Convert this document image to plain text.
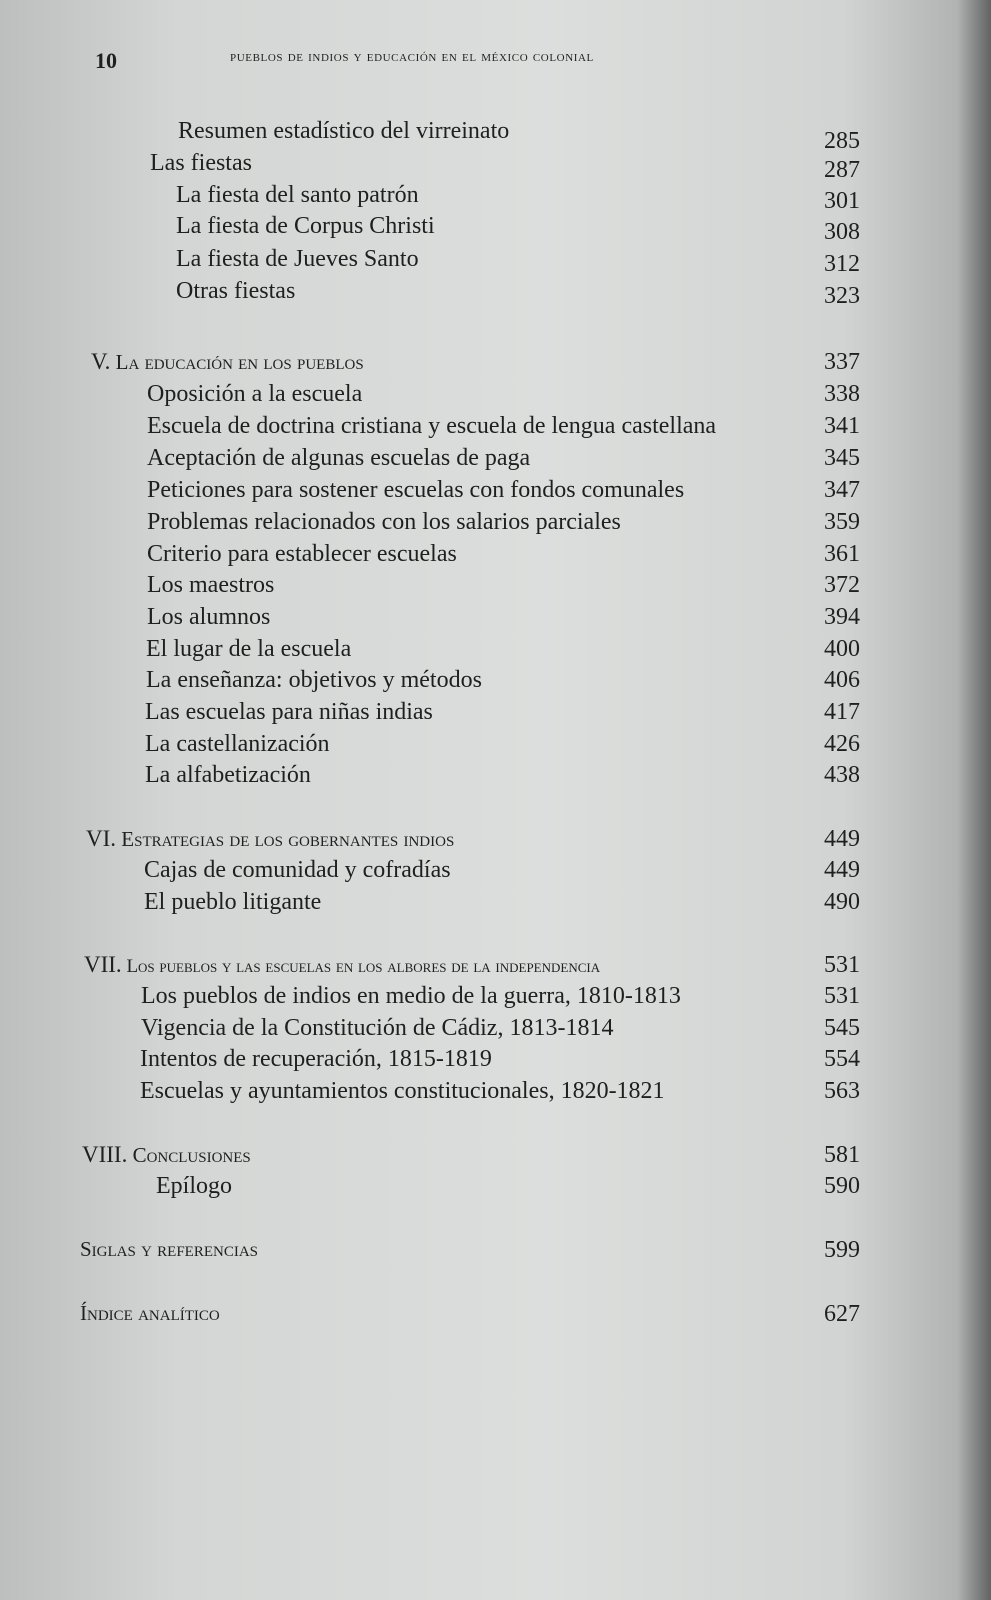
10	pueblos de indios y educación en el méxico colonial
Resumen estadístico del virreinato	285
Las fiestas	287
La fiesta del santo patrón	301
La fiesta de Corpus Christi	308
La fiesta de Jueves Santo	312
Otras fiestas	323
V. La educación en los pueblos	337
Oposición a la escuela	338
Escuela de doctrina cristiana y escuela de lengua castellana	341
Aceptación de algunas escuelas de paga	345
Peticiones para sostener escuelas con fondos comunales	347
Problemas relacionados con los salarios parciales	359
Criterio para establecer escuelas	361
Los maestros	372
Los alumnos	394
El lugar de la escuela	400
La enseñanza: objetivos y métodos	406
Las escuelas para niñas indias	417
La castellanización	426
La alfabetización	438
VI. Estrategias de los gobernantes indios	449
Cajas de comunidad y cofradías	449
El pueblo litigante	490
VII. Los pueblos y las escuelas en los albores de la independencia	531
Los pueblos de indios en medio de la guerra, 1810-1813	531
Vigencia de la Constitución de Cádiz, 1813-1814	545
Intentos de recuperación, 1815-1819	554
Escuelas y ayuntamientos constitucionales, 1820-1821	563
VIII. Conclusiones	581
Epílogo	590
Siglas y referencias	599
Índice analítico	627
